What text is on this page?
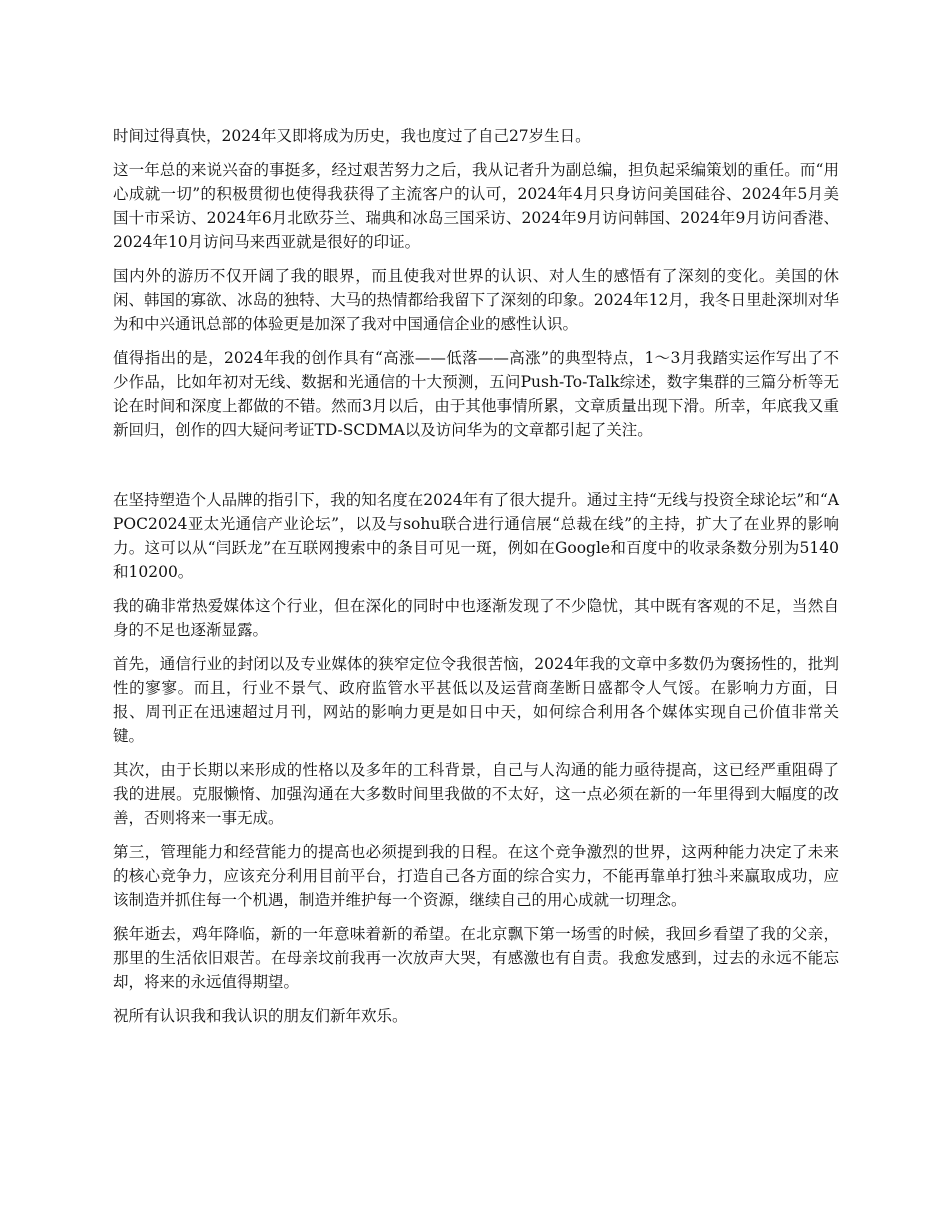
时间过得真快，2024年又即将成为历史，我也度过了自己27岁生日。

这一年总的来说兴奋的事挺多，经过艰苦努力之后，我从记者升为副总编，担负起采编策划的重任。而“用心成就一切”的积极贯彻也使得我获得了主流客户的认可，2024年4月只身访问美国硅谷、2024年5月美国十市采访、2024年6月北欧芬兰、瑞典和冰岛三国采访、2024年9月访问韩国、2024年9月访问香港、2024年10月访问马来西亚就是很好的印证。

国内外的游历不仅开阔了我的眼界，而且使我对世界的认识、对人生的感悟有了深刻的变化。美国的休闲、韩国的寡欲、冰岛的独特、大马的热情都给我留下了深刻的印象。2024年12月，我冬日里赴深圳对华为和中兴通讯总部的体验更是加深了我对中国通信企业的感性认识。

值得指出的是，2024年我的创作具有“高涨——低落——高涨”的典型特点，1～3月我踏实运作写出了不少作品，比如年初对无线、数据和光通信的十大预测，五问Push-To-Talk综述，数字集群的三篇分析等无论在时间和深度上都做的不错。然而3月以后，由于其他事情所累，文章质量出现下滑。所幸，年底我又重新回归，创作的四大疑问考证TD-SCDMA以及访问华为的文章都引起了关注。

在坚持塑造个人品牌的指引下，我的知名度在2024年有了很大提升。通过主持“无线与投资全球论坛”和“APOC2024亚太光通信产业论坛”，以及与sohu联合进行通信展“总裁在线”的主持，扩大了在业界的影响力。这可以从“闫跃龙”在互联网搜索中的条目可见一斑，例如在Google和百度中的收录条数分别为5140和10200。

我的确非常热爱媒体这个行业，但在深化的同时中也逐渐发现了不少隐忧，其中既有客观的不足，当然自身的不足也逐渐显露。

首先，通信行业的封闭以及专业媒体的狭窄定位令我很苦恼，2024年我的文章中多数仍为褒扬性的，批判性的寥寥。而且，行业不景气、政府监管水平甚低以及运营商垄断日盛都令人气馁。在影响力方面，日报、周刊正在迅速超过月刊，网站的影响力更是如日中天，如何综合利用各个媒体实现自己价值非常关键。

其次，由于长期以来形成的性格以及多年的工科背景，自己与人沟通的能力亟待提高，这已经严重阻碍了我的进展。克服懒惰、加强沟通在大多数时间里我做的不太好，这一点必须在新的一年里得到大幅度的改善，否则将来一事无成。

第三，管理能力和经营能力的提高也必须提到我的日程。在这个竞争激烈的世界，这两种能力决定了未来的核心竞争力，应该充分利用目前平台，打造自己各方面的综合实力，不能再靠单打独斗来赢取成功，应该制造并抓住每一个机遇，制造并维护每一个资源，继续自己的用心成就一切理念。

猴年逝去，鸡年降临，新的一年意味着新的希望。在北京飘下第一场雪的时候，我回乡看望了我的父亲，那里的生活依旧艰苦。在母亲坟前我再一次放声大哭，有感激也有自责。我愈发感到，过去的永远不能忘却，将来的永远值得期望。

祝所有认识我和我认识的朋友们新年欢乐。
